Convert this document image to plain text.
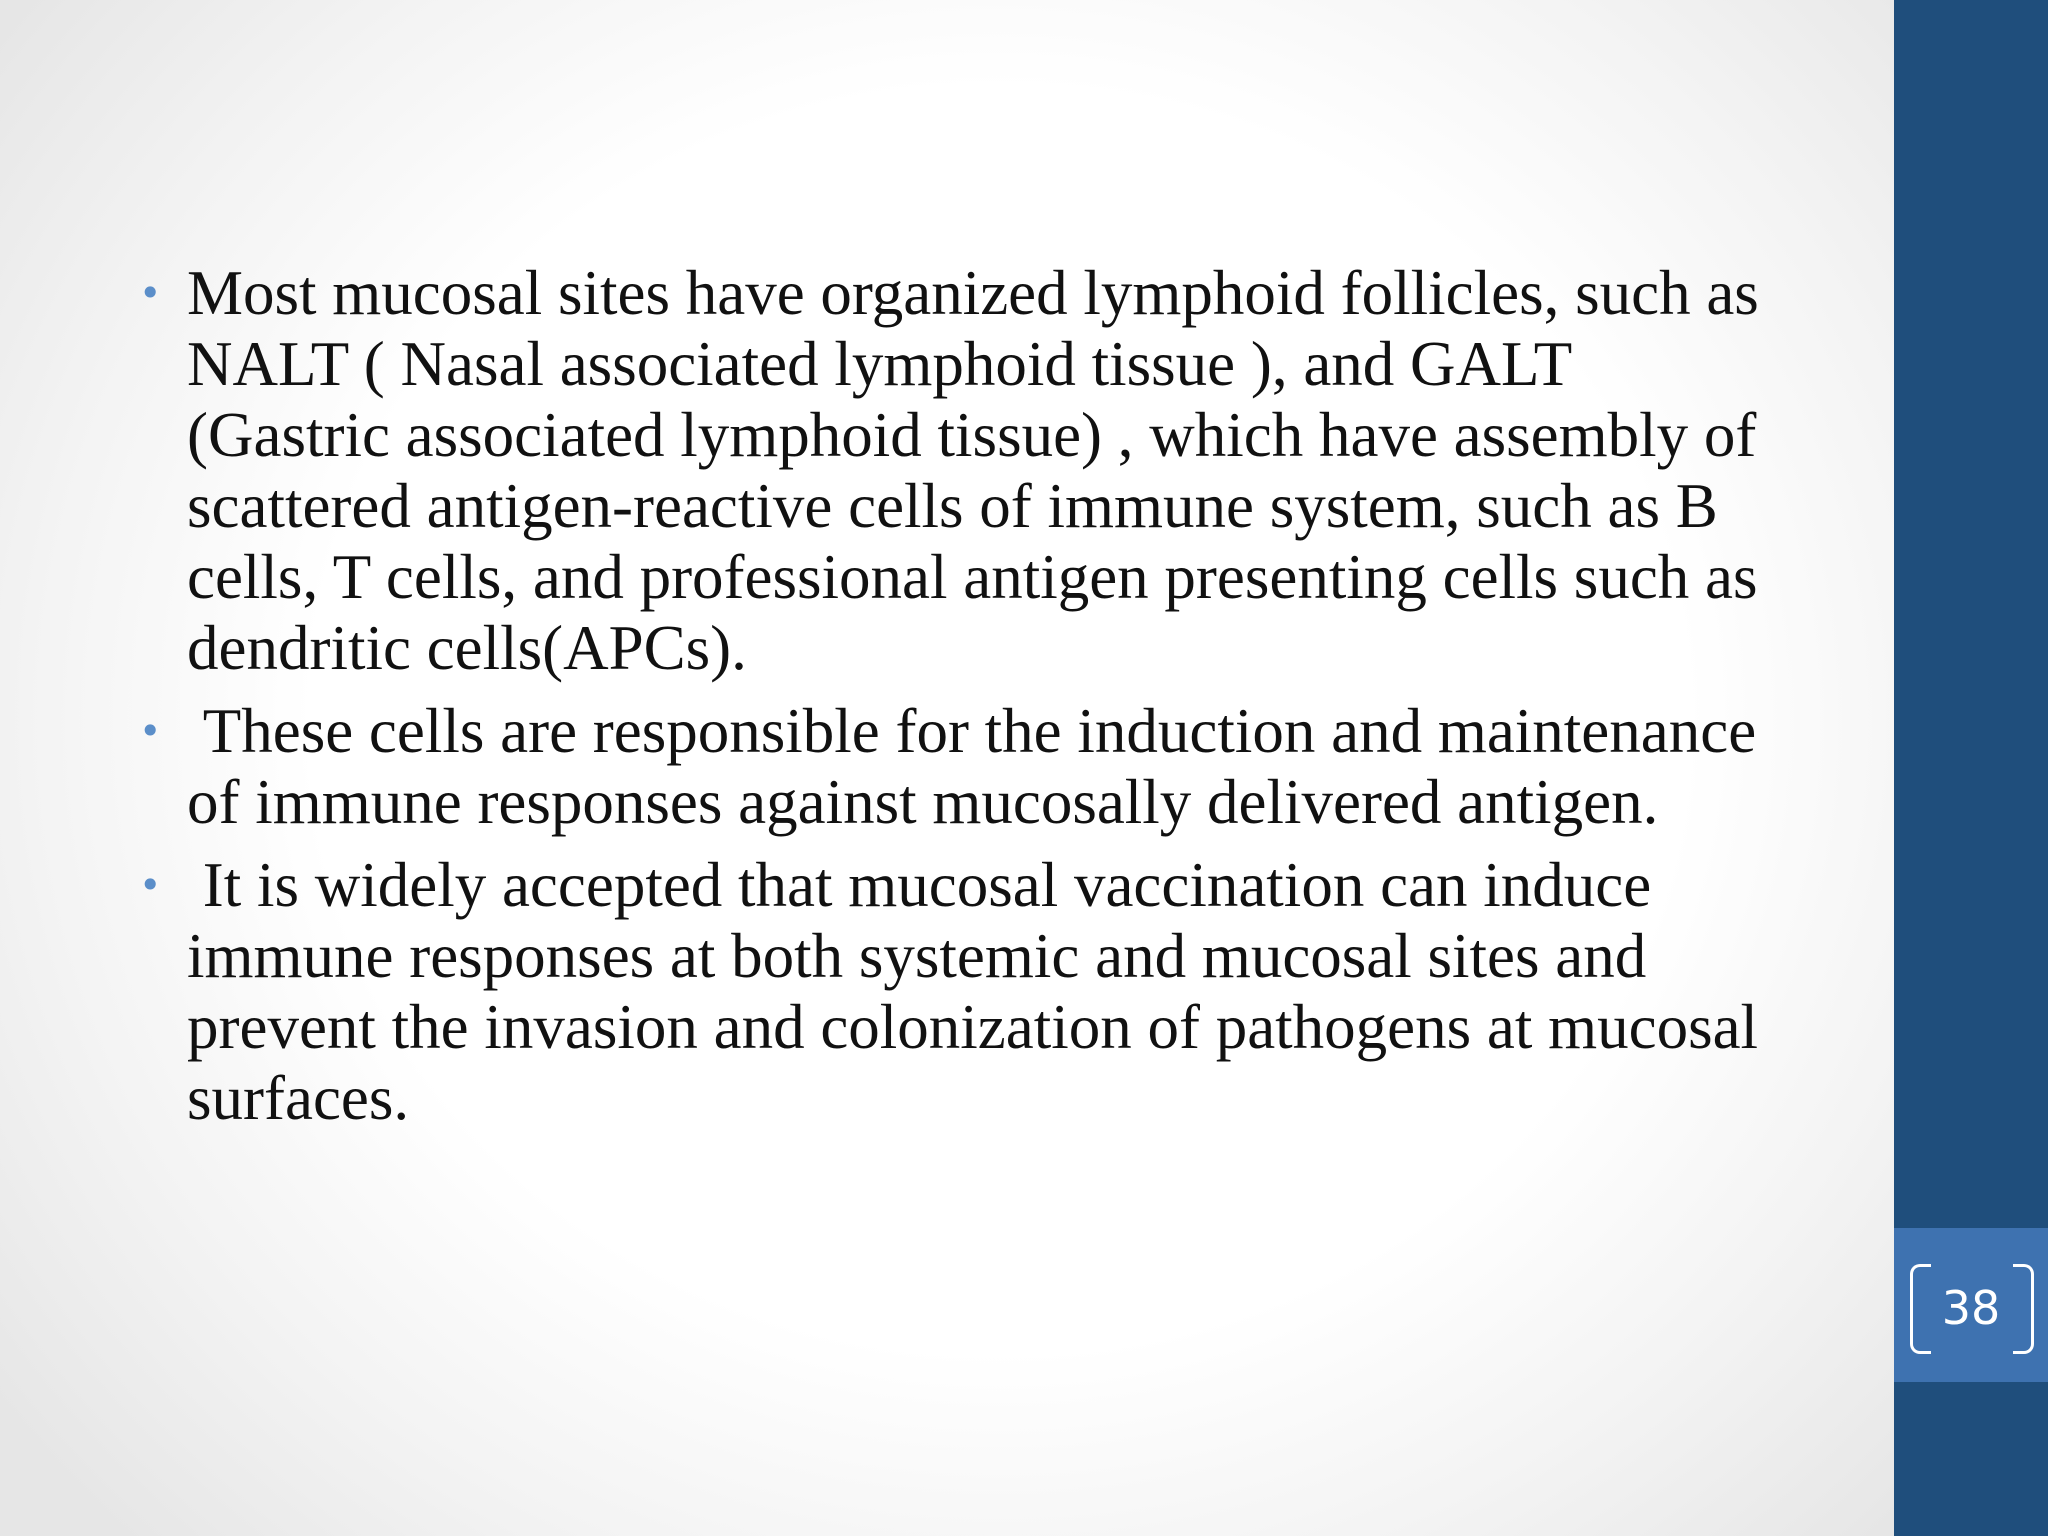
• Most mucosal sites have organized lymphoid follicles, such as NALT ( Nasal associated lymphoid tissue ), and GALT (Gastric associated lymphoid tissue) , which have assembly of scattered antigen-reactive cells of immune system, such as B cells, T cells, and professional antigen presenting cells such as dendritic cells(APCs).
• These cells are responsible for the induction and maintenance of immune responses against mucosally delivered antigen.
• It is widely accepted that mucosal vaccination can induce immune responses at both systemic and mucosal sites and prevent the invasion and colonization of pathogens at mucosal surfaces.
38
